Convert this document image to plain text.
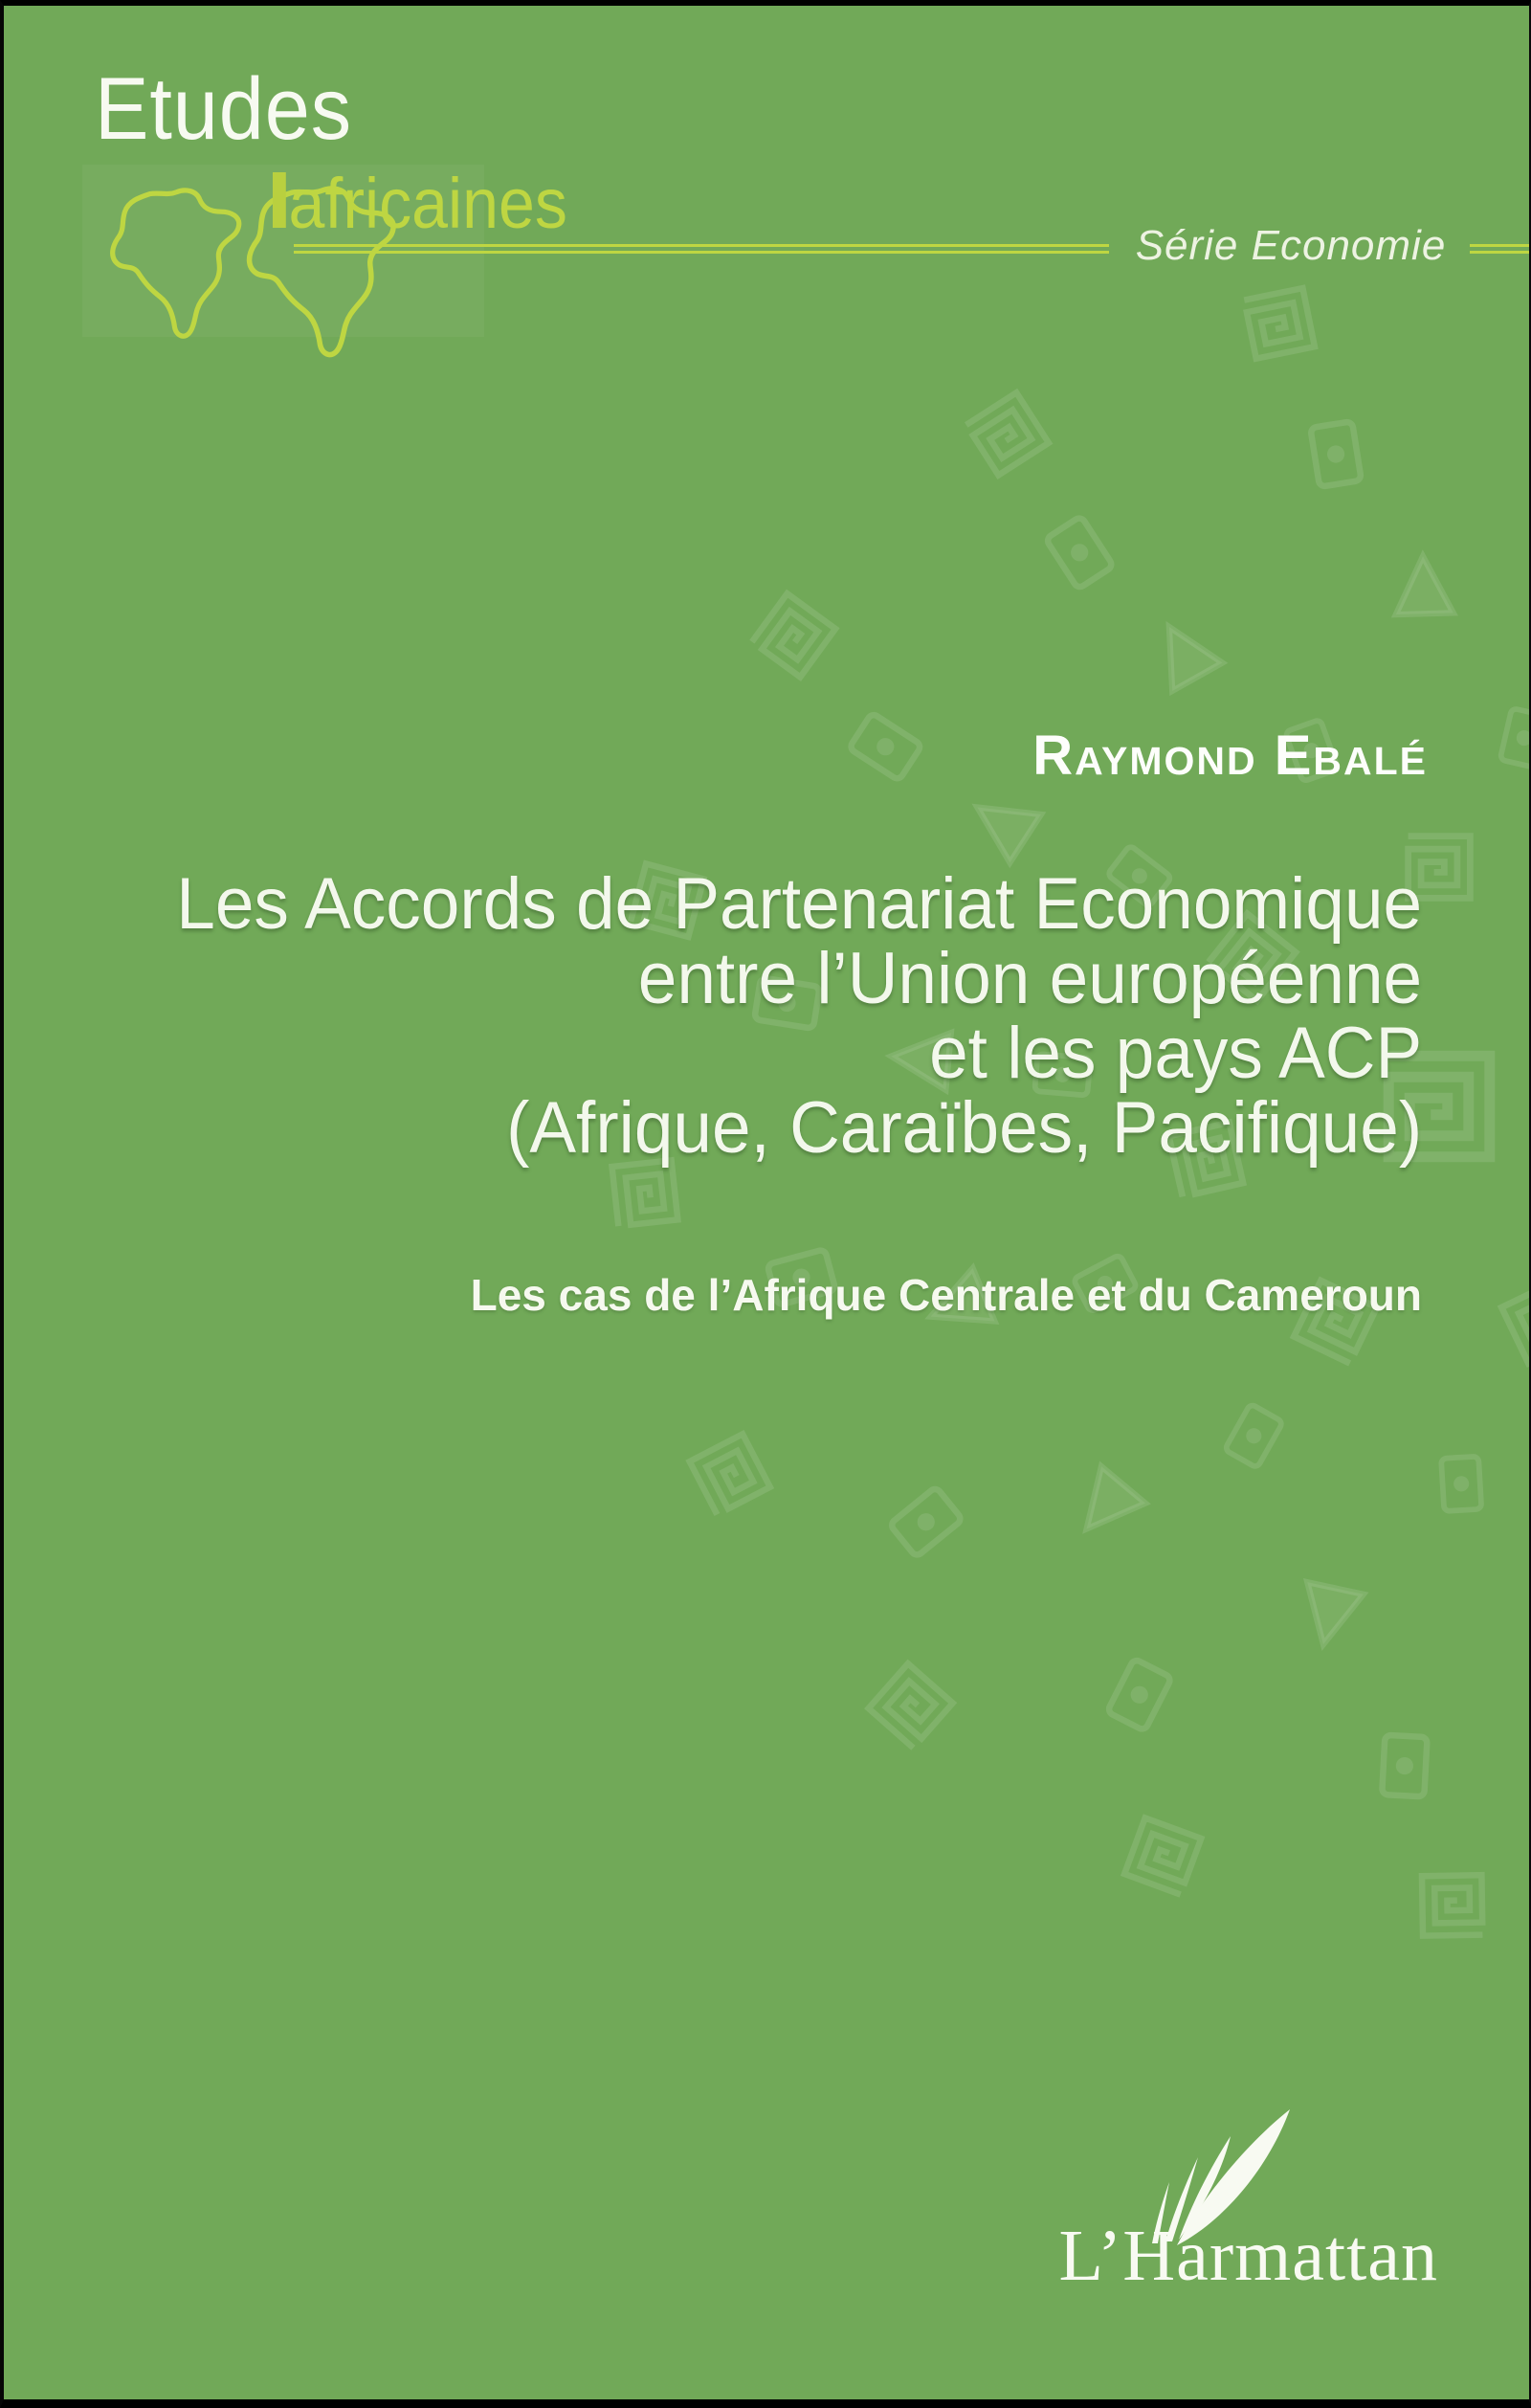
Etudes
africaines
Série Economie
Raymond Ebalé
Les Accords de Partenariat Economique
entre l’Union européenne
et les pays ACP
(Afrique, Caraïbes, Pacifique)
Les cas de l’Afrique Centrale et du Cameroun
L’Harmattan
